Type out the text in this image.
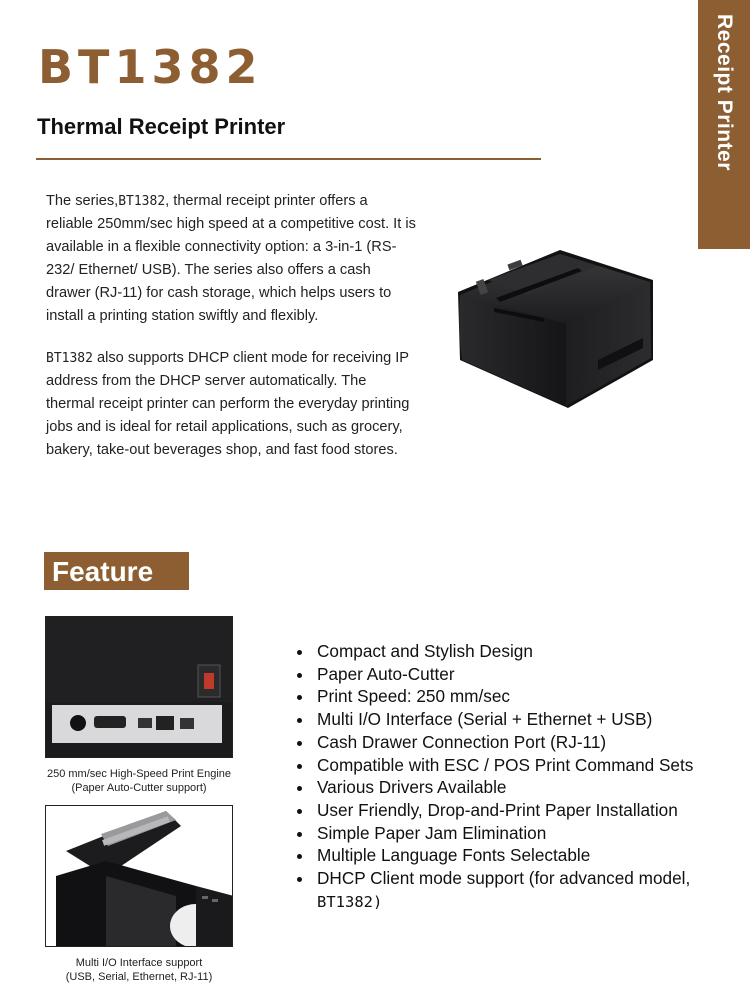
Receipt Printer
BT1382
Thermal Receipt Printer

The series,BT1382, thermal receipt printer offers a reliable 250mm/sec high speed at a competitive cost. It is available in a flexible connectivity option: a 3-in-1 (RS-232/ Ethernet/ USB). The series also offers a cash drawer (RJ-11) for cash storage, which helps users to install a printing station swiftly and flexibly.

BT1382 also supports DHCP client mode for receiving IP address from the DHCP server automatically. The thermal receipt printer can perform the everyday printing jobs and is ideal for retail applications, such as grocery, bakery, take-out beverages shop, and fast food stores.

Feature
250 mm/sec High-Speed Print Engine
(Paper Auto-Cutter support)
Multi I/O Interface support
(USB, Serial, Ethernet, RJ-11)
Compact and Stylish Design
Paper Auto-Cutter
Print Speed: 250 mm/sec
Multi I/O Interface (Serial + Ethernet + USB)
Cash Drawer Connection Port (RJ-11)
Compatible with ESC / POS Print Command Sets
Various Drivers Available
User Friendly, Drop-and-Print Paper Installation
Simple Paper Jam Elimination
Multiple Language Fonts Selectable
DHCP Client mode support (for advanced model,
BT1382)
